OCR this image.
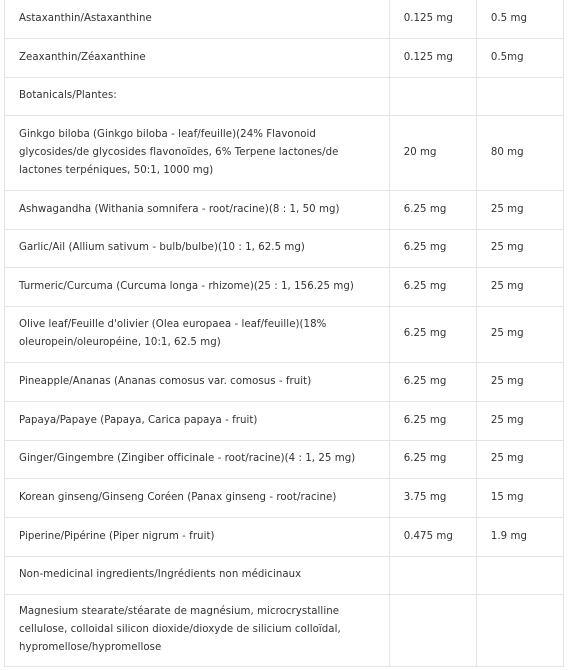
Astaxanthin/Astaxanthine	0.125 mg	0.5 mg
Zeaxanthin/Zéaxanthine	0.125 mg	0.5mg
Botanicals/Plantes:		
Ginkgo biloba (Ginkgo biloba - leaf/feuille)(24% Flavonoid glycosides/de glycosides flavonoïdes, 6% Terpene lactones/de lactones terpéniques, 50:1, 1000 mg)	20 mg	80 mg
Ashwagandha (Withania somnifera - root/racine)(8 : 1, 50 mg)	6.25 mg	25 mg
Garlic/Ail (Allium sativum - bulb/bulbe)(10 : 1, 62.5 mg)	6.25 mg	25 mg
Turmeric/Curcuma (Curcuma longa - rhizome)(25 : 1, 156.25 mg)	6.25 mg	25 mg
Olive leaf/Feuille d'olivier (Olea europaea - leaf/feuille)(18% oleuropein/oleuropéine, 10:1, 62.5 mg)	6.25 mg	25 mg
Pineapple/Ananas (Ananas comosus var. comosus - fruit)	6.25 mg	25 mg
Papaya/Papaye (Papaya, Carica papaya - fruit)	6.25 mg	25 mg
Ginger/Gingembre (Zingiber officinale - root/racine)(4 : 1, 25 mg)	6.25 mg	25 mg
Korean ginseng/Ginseng Coréen (Panax ginseng - root/racine)	3.75 mg	15 mg
Piperine/Pipérine (Piper nigrum - fruit)	0.475 mg	1.9 mg
Non-medicinal ingredients/Ingrédients non médicinaux		
Magnesium stearate/stéarate de magnésium, microcrystalline cellulose, colloidal silicon dioxide/dioxyde de silicium colloïdal, hypromellose/hypromellose		
